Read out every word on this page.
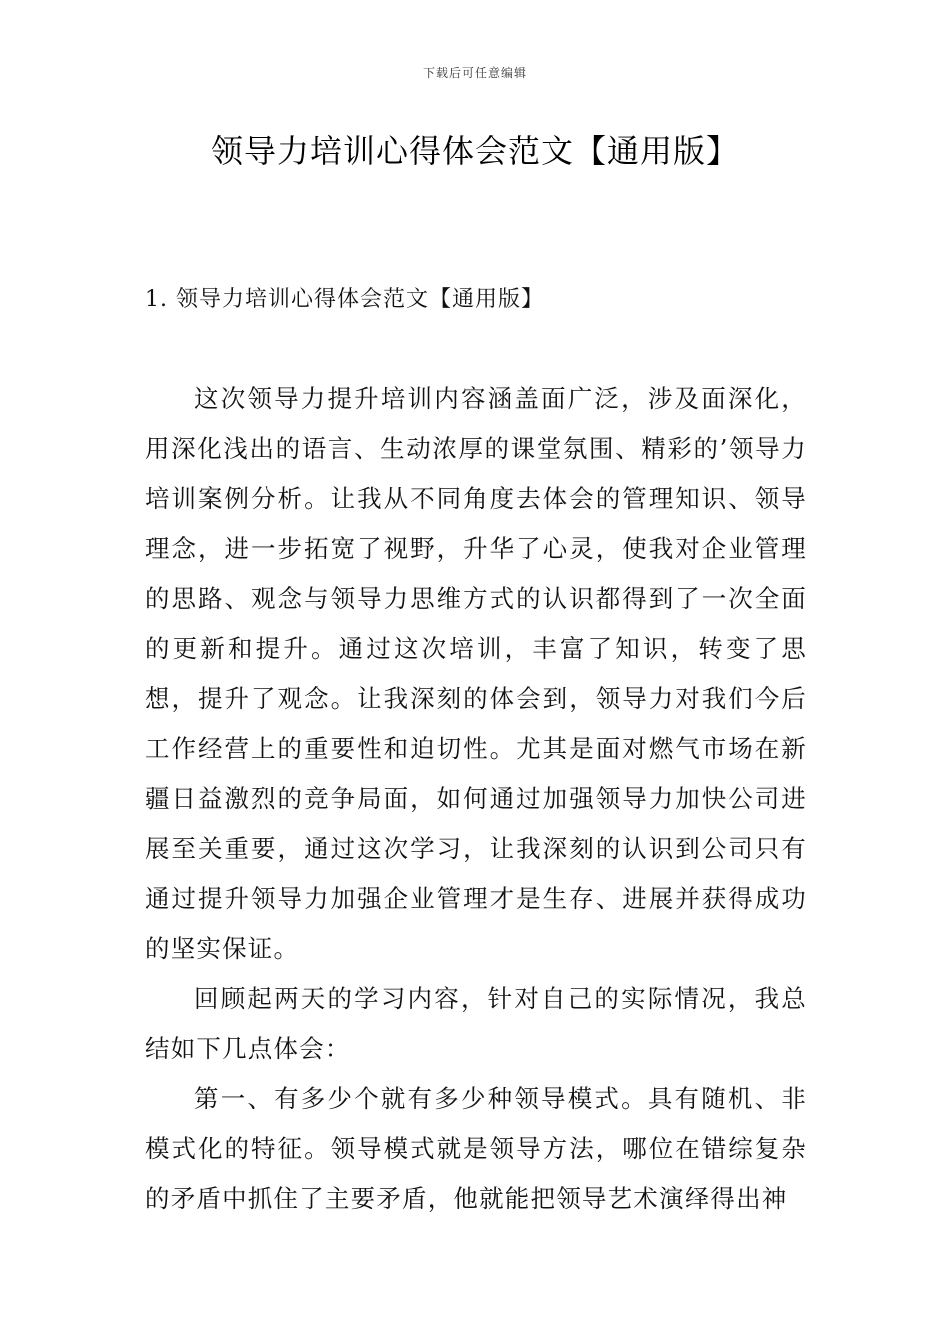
下载后可任意编辑
领导力培训心得体会范文【通用版】
1. 领导力培训心得体会范文【通用版】

这次领导力提升培训内容涵盖面广泛，涉及面深化，用深化浅出的语言、生动浓厚的课堂氛围、精彩的’领导力培训案例分析。让我从不同角度去体会的管理知识、领导理念，进一步拓宽了视野，升华了心灵，使我对企业管理的思路、观念与领导力思维方式的认识都得到了一次全面的更新和提升。通过这次培训，丰富了知识，转变了思想，提升了观念。让我深刻的体会到，领导力对我们今后工作经营上的重要性和迫切性。尤其是面对燃气市场在新疆日益激烈的竞争局面，如何通过加强领导力加快公司进展至关重要，通过这次学习，让我深刻的认识到公司只有通过提升领导力加强企业管理才是生存、进展并获得成功的坚实保证。

回顾起两天的学习内容，针对自己的实际情况，我总结如下几点体会：

第一、有多少个就有多少种领导模式。具有随机、非模式化的特征。领导模式就是领导方法，哪位在错综复杂的矛盾中抓住了主要矛盾，他就能把领导艺术演绎得出神
